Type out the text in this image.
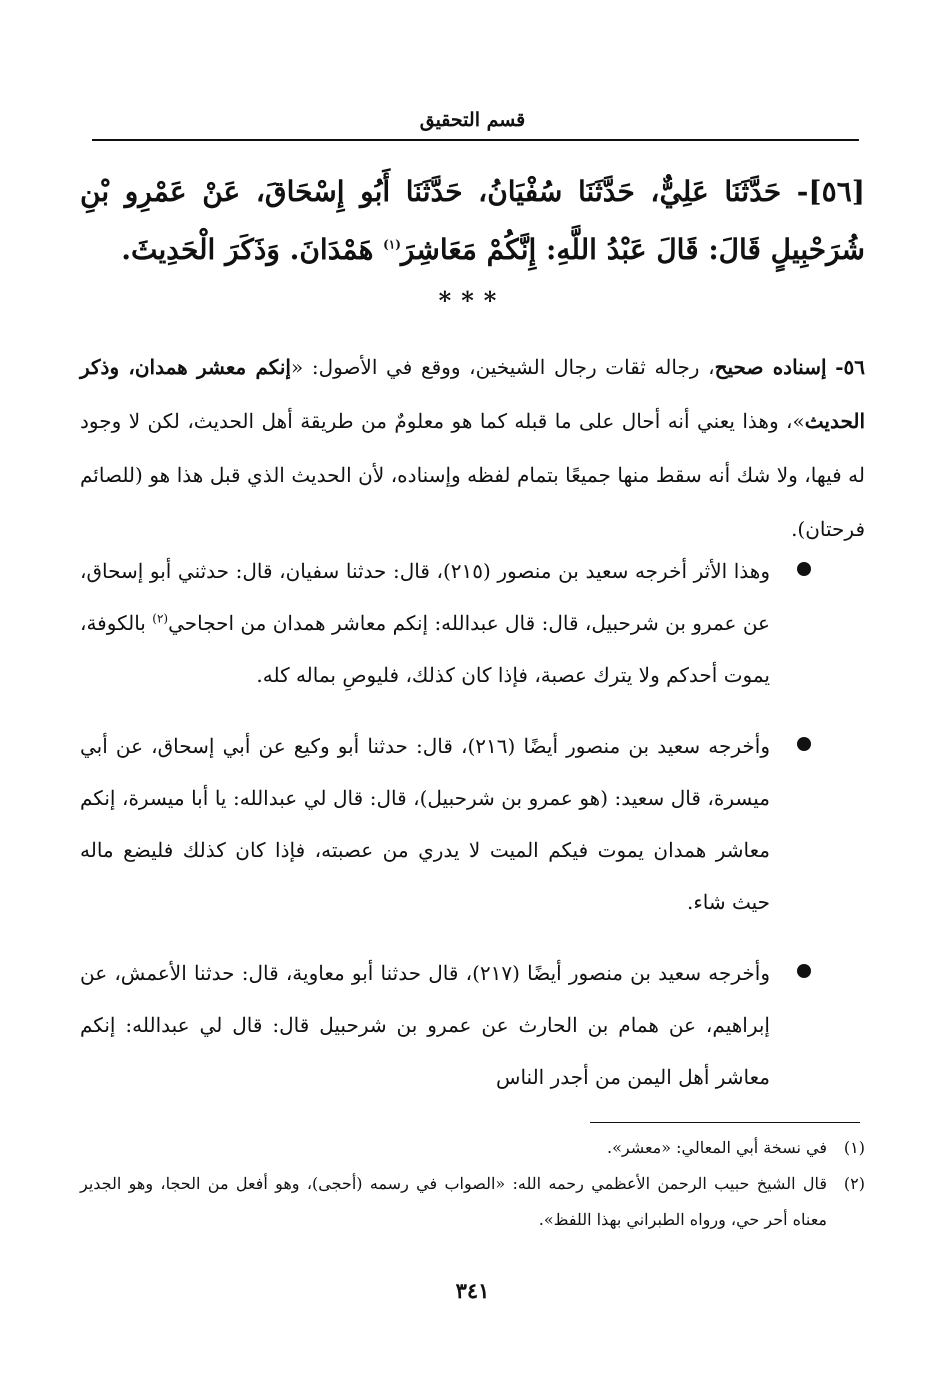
قسم التحقيق

[٥٦]- حَدَّثَنَا عَلِيٌّ، حَدَّثَنَا سُفْيَانُ، حَدَّثَنَا أَبُو إِسْحَاقَ، عَنْ عَمْرِو بْنِ شُرَحْبِيلٍ قَالَ: قَالَ عَبْدُ اللَّهِ: إِنَّكُمْ مَعَاشِرَ$^{(١)}$ هَمْدَانَ. وَذَكَرَ الْحَدِيثَ.

***

٥٦- إسناده صحيح، رجاله ثقات رجال الشيخين، ووقع في الأصول: «إنكم معشر همدان، وذكر الحديث»، وهذا يعني أنه أحال على ما قبله كما هو معلومٌ من طريقة أهل الحديث، لكن لا وجود له فيها، ولا شك أنه سقط منها جميعًا بتمام لفظه وإسناده، لأن الحديث الذي قبل هذا هو (للصائم فرحتان).

وهذا الأثر أخرجه سعيد بن منصور (٢١٥)، قال: حدثنا سفيان، قال: حدثني أبو إسحاق، عن عمرو بن شرحبيل، قال: قال عبدالله: إنكم معاشر همدان من احجاحي$^{(٢)}$ بالكوفة، يموت أحدكم ولا يترك عصبة، فإذا كان كذلك، فليوصِ بماله كله.
وأخرجه سعيد بن منصور أيضًا (٢١٦)، قال: حدثنا أبو وكيع عن أبي إسحاق، عن أبي ميسرة، قال سعيد: (هو عمرو بن شرحبيل)، قال: قال لي عبدالله: يا أبا ميسرة، إنكم معاشر همدان يموت فيكم الميت لا يدري من عصبته، فإذا كان كذلك فليضع ماله حيث شاء.
وأخرجه سعيد بن منصور أيضًا (٢١٧)، قال حدثنا أبو معاوية، قال: حدثنا الأعمش، عن إبراهيم، عن همام بن الحارث عن عمرو بن شرحبيل قال: قال لي عبدالله: إنكم معاشر أهل اليمن من أجدر الناس
(١)
في نسخة أبي المعالي: «معشر».
(٢)
قال الشيخ حبيب الرحمن الأعظمي رحمه الله: «الصواب في رسمه (أحجى)، وهو أفعل من الحجا، وهو الجدير معناه أحر حي، ورواه الطبراني بهذا اللفظ».
٣٤١
